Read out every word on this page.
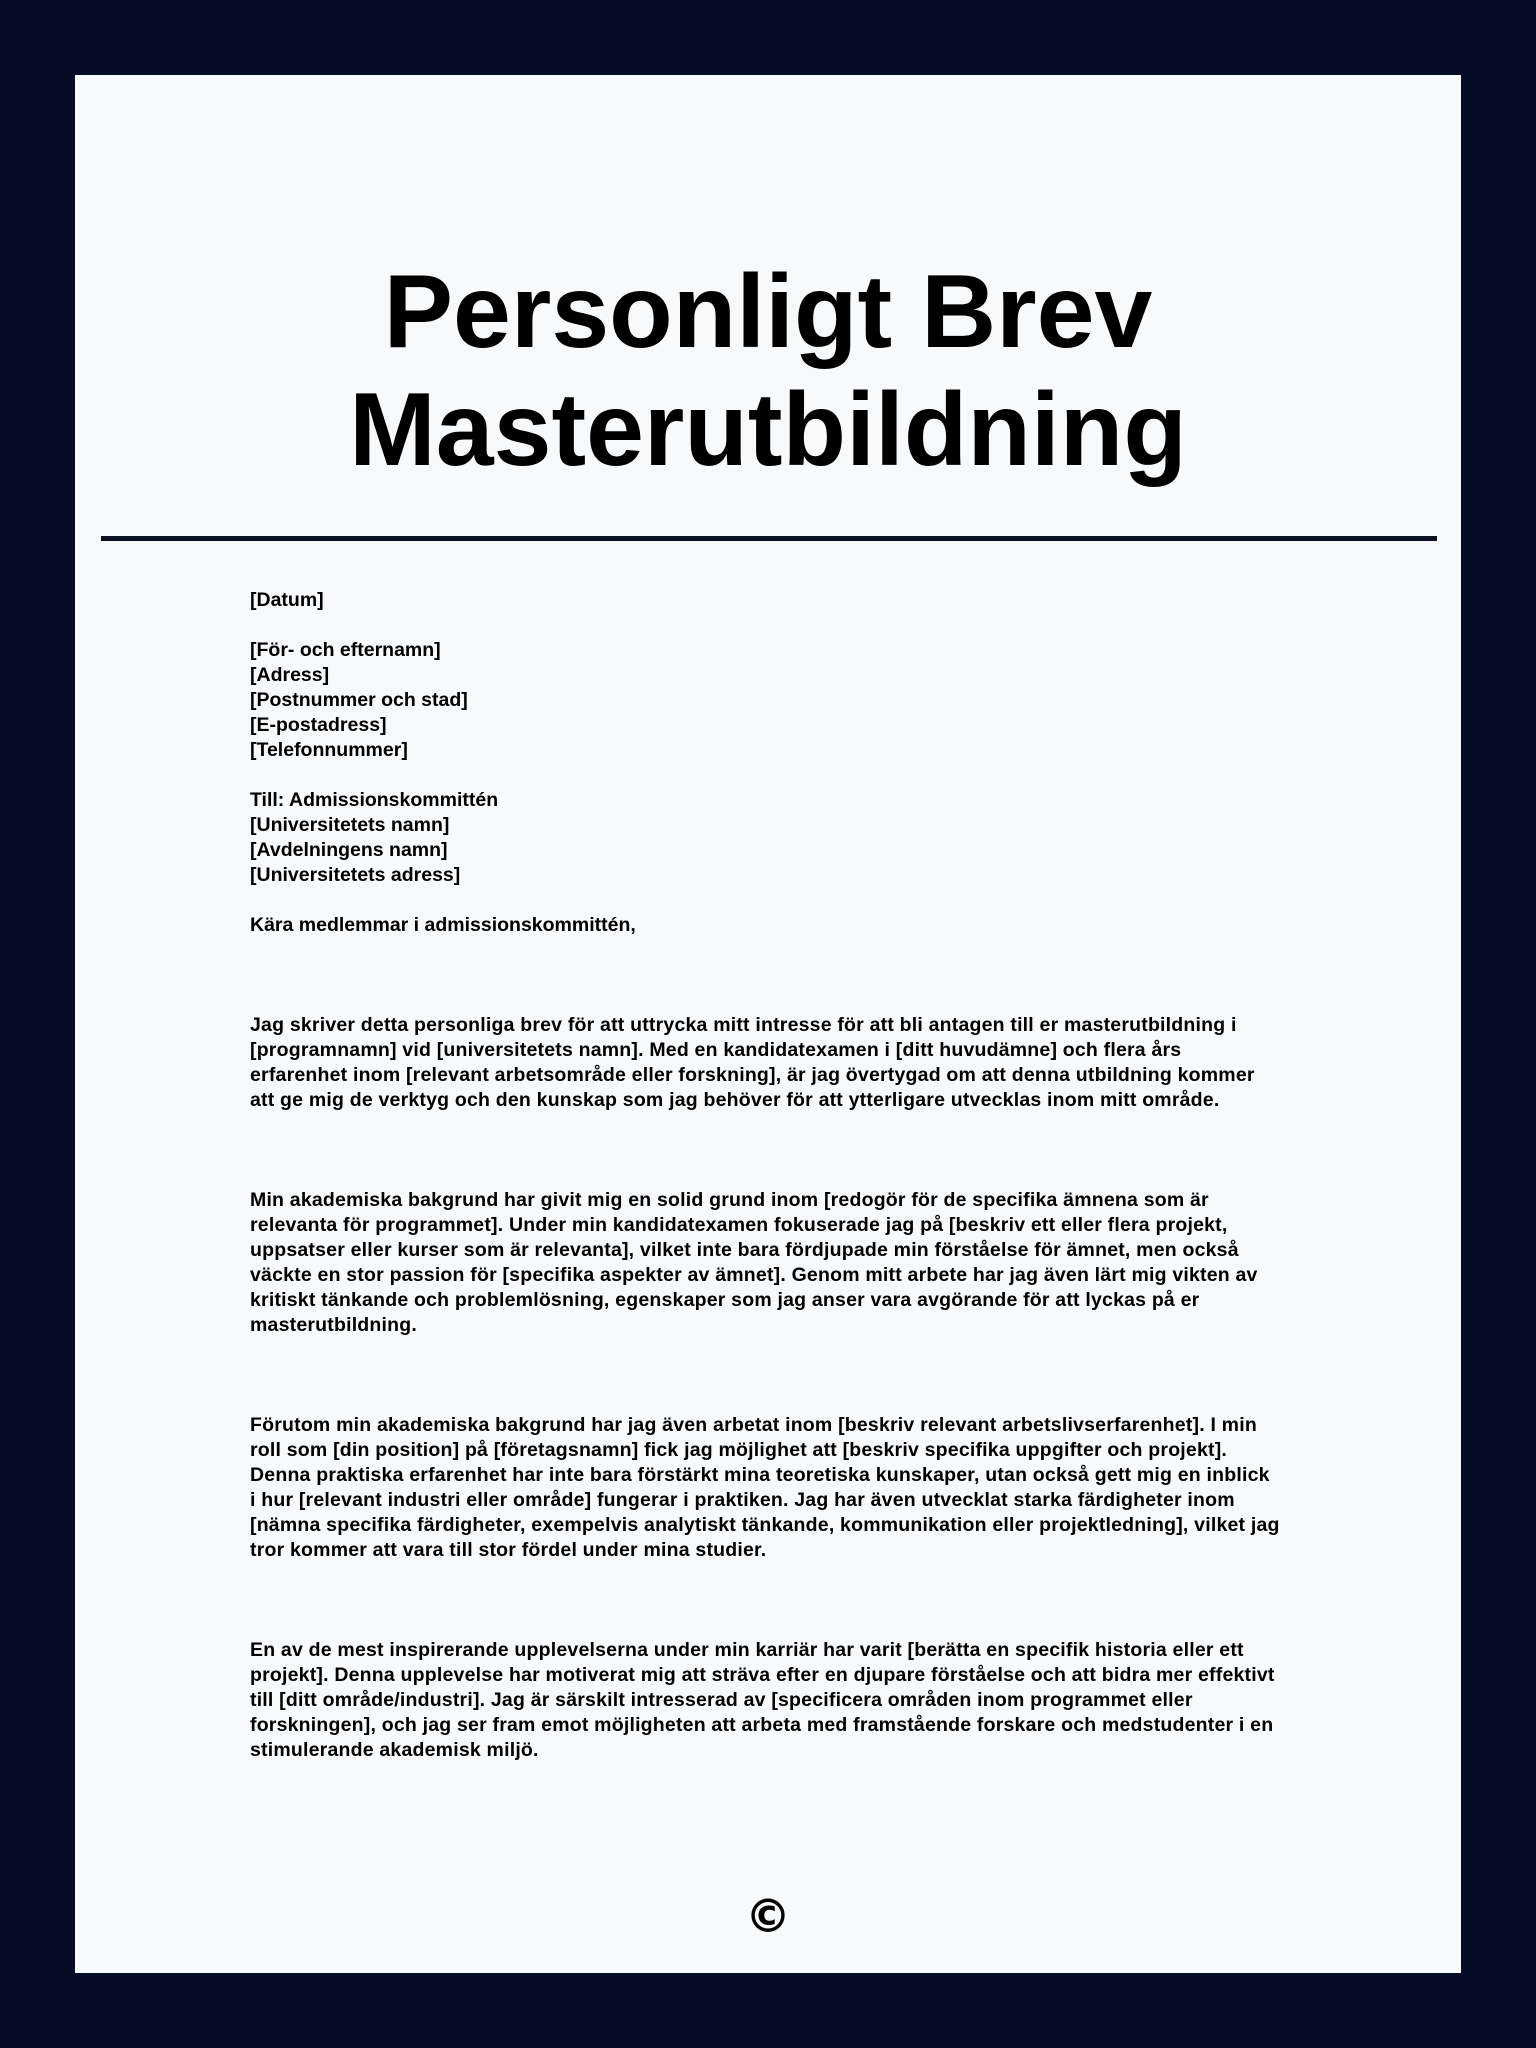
Personligt Brev
Masterutbildning
[Datum]
[För- och efternamn]
[Adress]
[Postnummer och stad]
[E-postadress]
[Telefonnummer]
Till: Admissionskommittén
[Universitetets namn]
[Avdelningens namn]
[Universitetets adress]
Kära medlemmar i admissionskommittén,

Jag skriver detta personliga brev för att uttrycka mitt intresse för att bli antagen till er masterutbildning i [programnamn] vid [universitetets namn]. Med en kandidatexamen i [ditt huvudämne] och flera års erfarenhet inom [relevant arbetsområde eller forskning], är jag övertygad om att denna utbildning kommer att ge mig de verktyg och den kunskap som jag behöver för att ytterligare utvecklas inom mitt område.

Min akademiska bakgrund har givit mig en solid grund inom [redogör för de specifika ämnena som är relevanta för programmet]. Under min kandidatexamen fokuserade jag på [beskriv ett eller flera projekt, uppsatser eller kurser som är relevanta], vilket inte bara fördjupade min förståelse för ämnet, men också väckte en stor passion för [specifika aspekter av ämnet]. Genom mitt arbete har jag även lärt mig vikten av kritiskt tänkande och problemlösning, egenskaper som jag anser vara avgörande för att lyckas på er masterutbildning.

Förutom min akademiska bakgrund har jag även arbetat inom [beskriv relevant arbetslivserfarenhet]. I min roll som [din position] på [företagsnamn] fick jag möjlighet att [beskriv specifika uppgifter och projekt]. Denna praktiska erfarenhet har inte bara förstärkt mina teoretiska kunskaper, utan också gett mig en inblick i hur [relevant industri eller område] fungerar i praktiken. Jag har även utvecklat starka färdigheter inom [nämna specifika färdigheter, exempelvis analytiskt tänkande, kommunikation eller projektledning], vilket jag tror kommer att vara till stor fördel under mina studier.

En av de mest inspirerande upplevelserna under min karriär har varit [berätta en specifik historia eller ett projekt]. Denna upplevelse har motiverat mig att sträva efter en djupare förståelse och att bidra mer effektivt till [ditt område/industri]. Jag är särskilt intresserad av [specificera områden inom programmet eller forskningen], och jag ser fram emot möjligheten att arbeta med framstående forskare och medstudenter i en stimulerande akademisk miljö.

©
